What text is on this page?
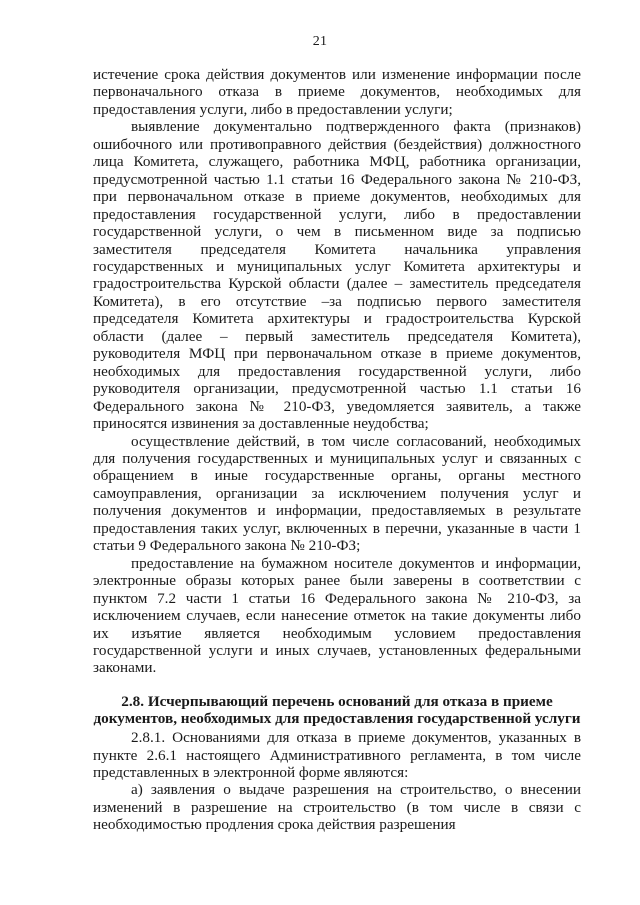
21

истечение срока действия документов или изменение информации после первоначального отказа в приеме документов, необходимых для предоставления услуги, либо в предоставлении услуги;

выявление документально подтвержденного факта (признаков) ошибочного или противоправного действия (бездействия) должностного лица Комитета, служащего, работника МФЦ, работника организации, предусмотренной частью 1.1 статьи 16 Федерального закона № 210-ФЗ, при первоначальном отказе в приеме документов, необходимых для предоставления государственной услуги, либо в предоставлении государственной услуги, о чем в письменном виде за подписью заместителя председателя Комитета начальника управления государственных и муниципальных услуг Комитета архитектуры и градостроительства Курской области (далее – заместитель председателя Комитета), в его отсутствие –за подписью первого заместителя председателя Комитета архитектуры и градостроительства Курской области (далее – первый заместитель председателя Комитета), руководителя МФЦ при первоначальном отказе в приеме документов, необходимых для предоставления государственной услуги, либо руководителя организации, предусмотренной частью 1.1 статьи 16 Федерального закона № 210-ФЗ, уведомляется заявитель, а также приносятся извинения за доставленные неудобства;

осуществление действий, в том числе согласований, необходимых для получения государственных и муниципальных услуг и связанных с обращением в иные государственные органы, органы местного самоуправления, организации за исключением получения услуг и получения документов и информации, предоставляемых в результате предоставления таких услуг, включенных в перечни, указанные в части 1 статьи 9 Федерального закона № 210-ФЗ;

предоставление на бумажном носителе документов и информации, электронные образы которых ранее были заверены в соответствии с пунктом 7.2 части 1 статьи 16 Федерального закона № 210-ФЗ, за исключением случаев, если нанесение отметок на такие документы либо их изъятие является необходимым условием предоставления государственной услуги и иных случаев, установленных федеральными законами.

2.8. Исчерпывающий перечень оснований для отказа в приеме документов, необходимых для предоставления государственной услуги

2.8.1. Основаниями для отказа в приеме документов, указанных в пункте 2.6.1 настоящего Административного регламента, в том числе представленных в электронной форме являются:

а) заявления о выдаче разрешения на строительство, о внесении изменений в разрешение на строительство (в том числе в связи с необходимостью продления срока действия разрешения
